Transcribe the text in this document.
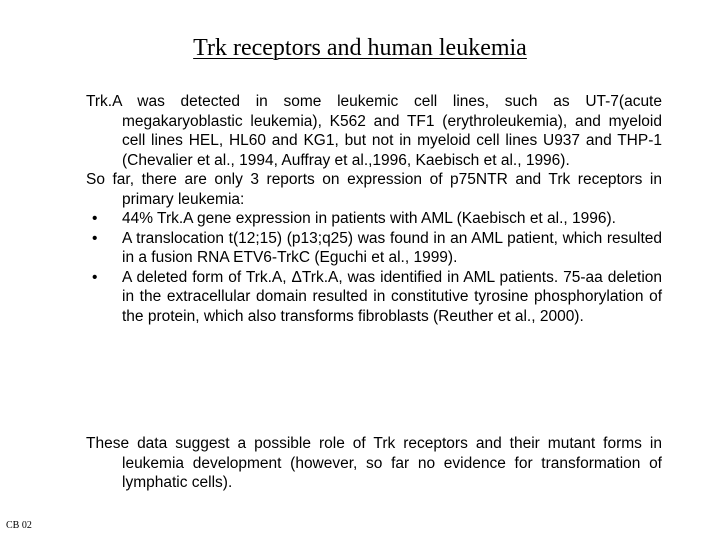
Trk receptors and human leukemia

Trk.A was detected in some leukemic cell lines, such as UT-7(acute megakaryoblastic leukemia), K562 and TF1 (erythroleukemia), and myeloid cell lines HEL, HL60 and KG1, but not in myeloid cell lines U937 and THP-1 (Chevalier et al., 1994, Auffray et al.,1996, Kaebisch et al., 1996).

So far, there are only 3 reports on expression of p75NTR and Trk receptors in primary leukemia:

• 44% Trk.A gene expression in patients with AML (Kaebisch et al., 1996).
• A translocation t(12;15) (p13;q25) was found in an AML patient, which resulted in a fusion RNA ETV6-TrkC (Eguchi et al., 1999).
• A deleted form of Trk.A, ΔTrk.A, was identified in AML patients. 75-aa deletion in the extracellular domain resulted in constitutive tyrosine phosphorylation of the protein, which also transforms fibroblasts (Reuther et al., 2000).

These data suggest a possible role of Trk receptors and their mutant forms in leukemia development (however, so far no evidence for transformation of lymphatic cells).

CB 02
